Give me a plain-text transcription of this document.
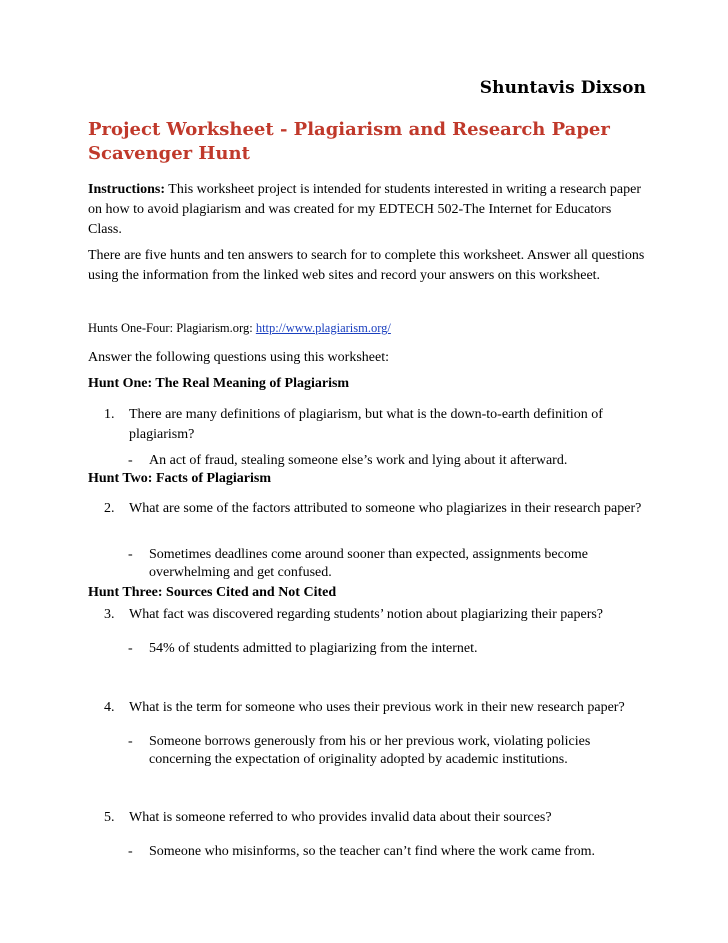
Shuntavis Dixson
Project Worksheet - Plagiarism and Research Paper Scavenger Hunt
Instructions: This worksheet project is intended for students interested in writing a research paper on how to avoid plagiarism and was created for my EDTECH 502-The Internet for Educators Class.
There are five hunts and ten answers to search for to complete this worksheet. Answer all questions using the information from the linked web sites and record your answers on this worksheet.
Hunts One-Four: Plagiarism.org: http://www.plagiarism.org/
Answer the following questions using this worksheet:
Hunt One: The Real Meaning of Plagiarism
1.	There are many definitions of plagiarism, but what is the down-to-earth definition of plagiarism?
- An act of fraud, stealing someone else’s work and lying about it afterward.
Hunt Two: Facts of Plagiarism
2.	What are some of the factors attributed to someone who plagiarizes in their research paper?
- Sometimes deadlines come around sooner than expected, assignments become overwhelming and get confused.
Hunt Three: Sources Cited and Not Cited
3.	What fact was discovered regarding students’ notion about plagiarizing their papers?
- 54% of students admitted to plagiarizing from the internet.
4.	What is the term for someone who uses their previous work in their new research paper?
- Someone borrows generously from his or her previous work, violating policies concerning the expectation of originality adopted by academic institutions.
5.	What is someone referred to who provides invalid data about their sources?
- Someone who misinforms, so the teacher can’t find where the work came from.
